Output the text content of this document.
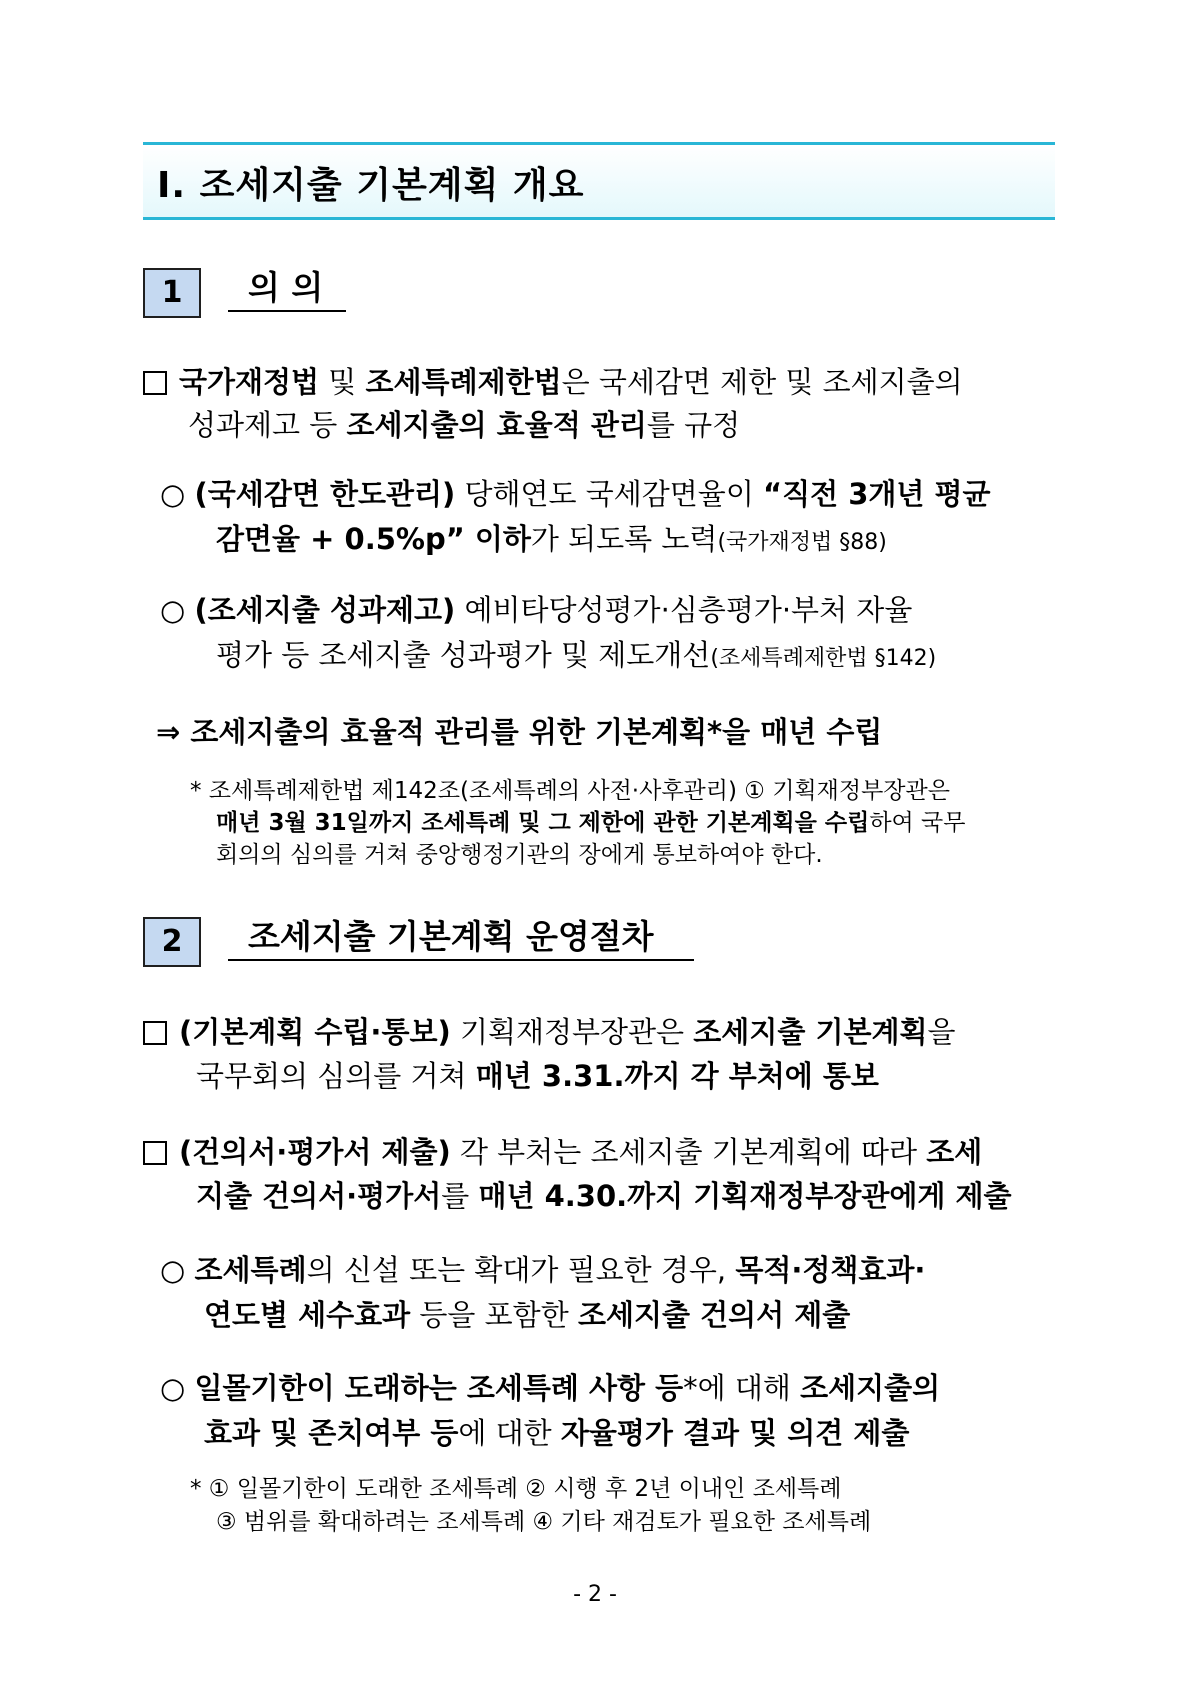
Ⅰ. 조세지출 기본계획 개요
1	의 의
국가재정법 및 조세특례제한법은 국세감면 제한 및 조세지출의
성과제고 등 조세지출의 효율적 관리를 규정
○ (국세감면 한도관리) 당해연도 국세감면율이 “직전 3개년 평균
감면율 + 0.5%p” 이하가 되도록 노력(국가재정법 §88)
○ (조세지출 성과제고) 예비타당성평가·심층평가·부처 자율
평가 등 조세지출 성과평가 및 제도개선(조세특례제한법 §142)
⇒ 조세지출의 효율적 관리를 위한 기본계획*을 매년 수립
* 조세특례제한법 제142조(조세특례의 사전·사후관리) ① 기획재정부장관은
매년 3월 31일까지 조세특례 및 그 제한에 관한 기본계획을 수립하여 국무
회의의 심의를 거쳐 중앙행정기관의 장에게 통보하여야 한다.
2	조세지출 기본계획 운영절차
(기본계획 수립·통보) 기획재정부장관은 조세지출 기본계획을
국무회의 심의를 거쳐 매년 3.31.까지 각 부처에 통보
(건의서·평가서 제출) 각 부처는 조세지출 기본계획에 따라 조세
지출 건의서·평가서를 매년 4.30.까지 기획재정부장관에게 제출
○ 조세특례의 신설 또는 확대가 필요한 경우, 목적·정책효과·
연도별 세수효과 등을 포함한 조세지출 건의서 제출
○ 일몰기한이 도래하는 조세특례 사항 등*에 대해 조세지출의
효과 및 존치여부 등에 대한 자율평가 결과 및 의견 제출
* ① 일몰기한이 도래한 조세특례 ② 시행 후 2년 이내인 조세특례
③ 범위를 확대하려는 조세특례 ④ 기타 재검토가 필요한 조세특례
- 2 -
